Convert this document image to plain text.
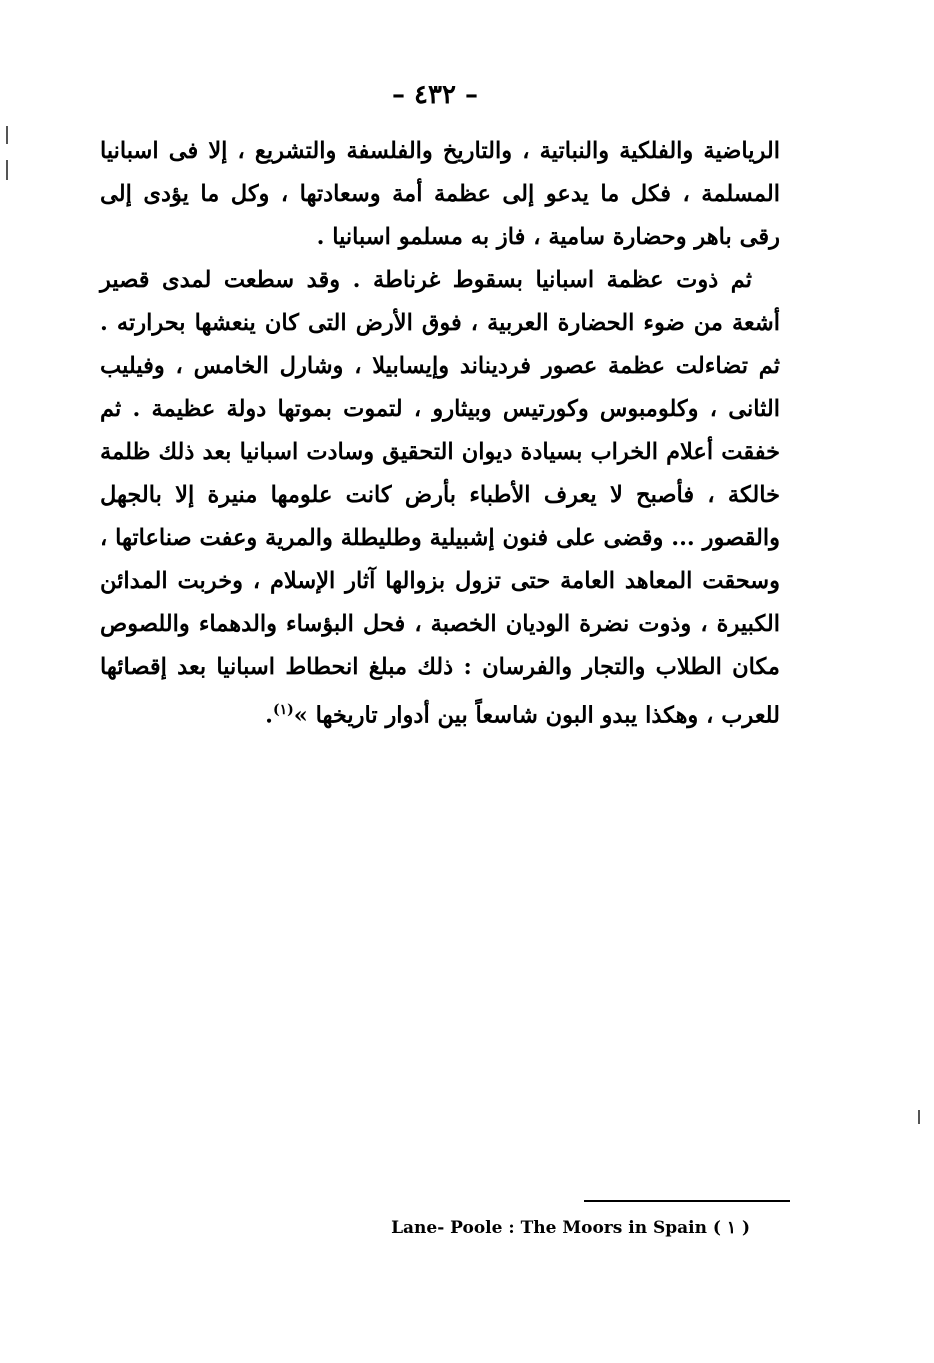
– ٤٣٢ –

الرياضية والفلكية والنباتية ، والتاريخ والفلسفة والتشريع ، إلا فى اسبانيا المسلمة ، فكل ما يدعو إلى عظمة أمة وسعادتها ، وكل ما يؤدى إلى رقى باهر وحضارة سامية ، فاز به مسلمو اسبانيا .

ثم ذوت عظمة اسبانيا بسقوط غرناطة . وقد سطعت لمدى قصير أشعة من ضوء الحضارة العربية ، فوق الأرض التى كان ينعشها بحرارته . ثم تضاءلت عظمة عصور فرديناند وإيسابيلا ، وشارل الخامس ، وفيليب الثانى ، وكلومبوس وكورتيس وبيثارو ، لتموت بموتها دولة عظيمة . ثم خفقت أعلام الخراب بسيادة ديوان التحقيق وسادت اسبانيا بعد ذلك ظلمة خالكة ، فأصبح لا يعرف الأطباء بأرض كانت علومها منيرة إلا بالجهل والقصور ... وقضى على فنون إشبيلية وطليطلة والمرية وعفت صناعاتها ، وسحقت المعاهد العامة حتى تزول بزوالها آثار الإسلام ، وخربت المدائن الكبيرة ، وذوت نضرة الوديان الخصبة ، فحل البؤساء والدهماء واللصوص مكان الطلاب والتجار والفرسان : ذلك مبلغ انحطاط اسبانيا بعد إقصائها للعرب ، وهكذا يبدو البون شاسعاً بين أدوار تاريخها »$^{(١)}$.

Lane- Poole : The Moors in Spain ( ١ )
